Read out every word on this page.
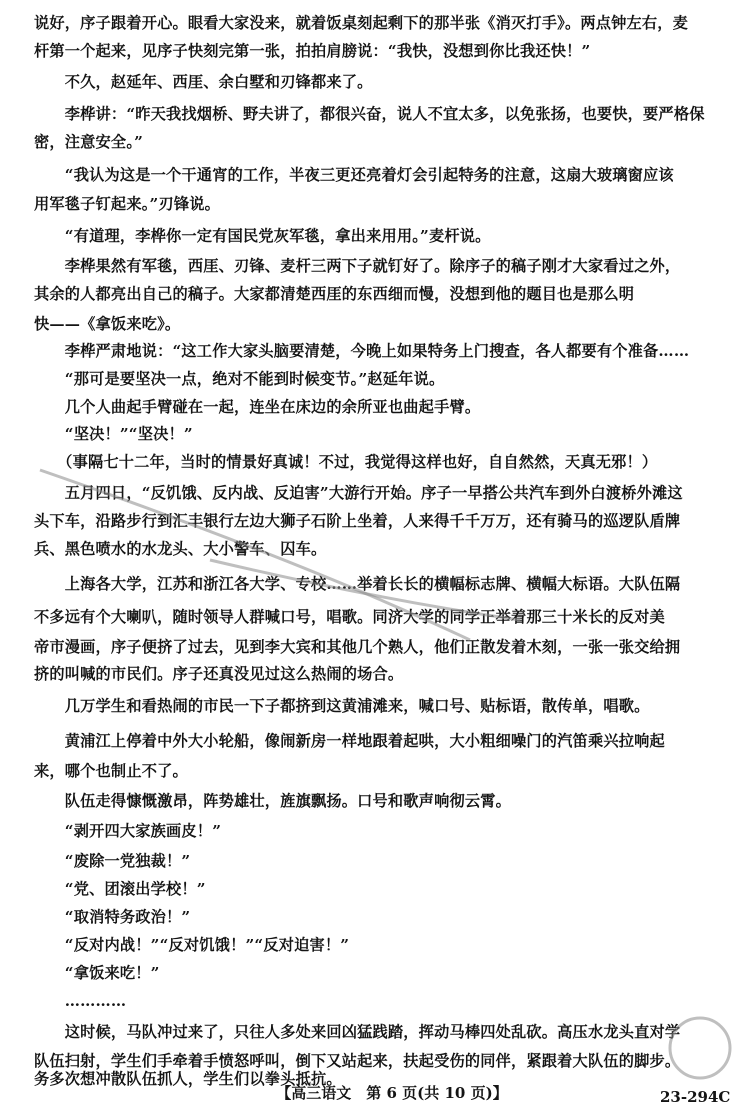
说好，序子跟着开心。眼看大家没来，就着饭桌刻起剩下的那半张《消灭打手》。两点钟左右，麦
杆第一个起来，见序子快刻完第一张，拍拍肩膀说：“我快，没想到你比我还快！”
　　不久，赵延年、西厓、余白墅和刃锋都来了。
　　李桦讲：“昨天我找烟桥、野夫讲了，都很兴奋，说人不宜太多，以免张扬，也要快，要严格保
密，注意安全。”
　　“我认为这是一个干通宵的工作，半夜三更还亮着灯会引起特务的注意，这扇大玻璃窗应该
用军毯子钉起来。”刃锋说。
　　“有道理，李桦你一定有国民党灰军毯，拿出来用用。”麦杆说。
　　李桦果然有军毯，西厓、刃锋、麦杆三两下子就钉好了。除序子的稿子刚才大家看过之外，
其余的人都亮出自己的稿子。大家都清楚西厓的东西细而慢，没想到他的题目也是那么明
快——《拿饭来吃》。
　　李桦严肃地说：“这工作大家头脑要清楚，今晚上如果特务上门搜查，各人都要有个准备……
　　“那可是要坚决一点，绝对不能到时候变节。”赵延年说。
　　几个人曲起手臂碰在一起，连坐在床边的余所亚也曲起手臂。
　　“坚决！”“坚决！”
　　（事隔七十二年，当时的情景好真诚！不过，我觉得这样也好，自自然然，天真无邪！）
　　五月四日，“反饥饿、反内战、反迫害”大游行开始。序子一早搭公共汽车到外白渡桥外滩这
头下车，沿路步行到汇丰银行左边大狮子石阶上坐着，人来得千千万万，还有骑马的巡逻队盾牌
兵、黑色喷水的水龙头、大小警车、囚车。
　　上海各大学，江苏和浙江各大学、专校……举着长长的横幅标志牌、横幅大标语。大队伍隔
不多远有个大喇叭，随时领导人群喊口号，唱歌。同济大学的同学正举着那三十米长的反对美
帝市漫画，序子便挤了过去，见到李大宾和其他几个熟人，他们正散发着木刻，一张一张交给拥
挤的叫喊的市民们。序子还真没见过这么热闹的场合。
　　几万学生和看热闹的市民一下子都挤到这黄浦滩来，喊口号、贴标语，散传单，唱歌。
　　黄浦江上停着中外大小轮船，像闹新房一样地跟着起哄，大小粗细噪门的汽笛乘兴拉响起
来，哪个也制止不了。
　　队伍走得慷慨激昂，阵势雄壮，旌旗飘扬。口号和歌声响彻云霄。
　　“剥开四大家族画皮！”
　　“废除一党独裁！”
　　“党、团滚出学校！”
　　“取消特务政治！”
　　“反对内战！”“反对饥饿！”“反对迫害！”
　　“拿饭来吃！”
　　…………
　　这时候，马队冲过来了，只往人多处来回凶猛践踏，挥动马棒四处乱砍。高压水龙头直对学
队伍扫射，学生们手牵着手愤怒呼叫，倒下又站起来，扶起受伤的同伴，紧跟着大队伍的脚步。
务多次想冲散队伍抓人，学生们以拳头抵抗。
【高三语文　第 6 页(共 10 页)】	23-294C
